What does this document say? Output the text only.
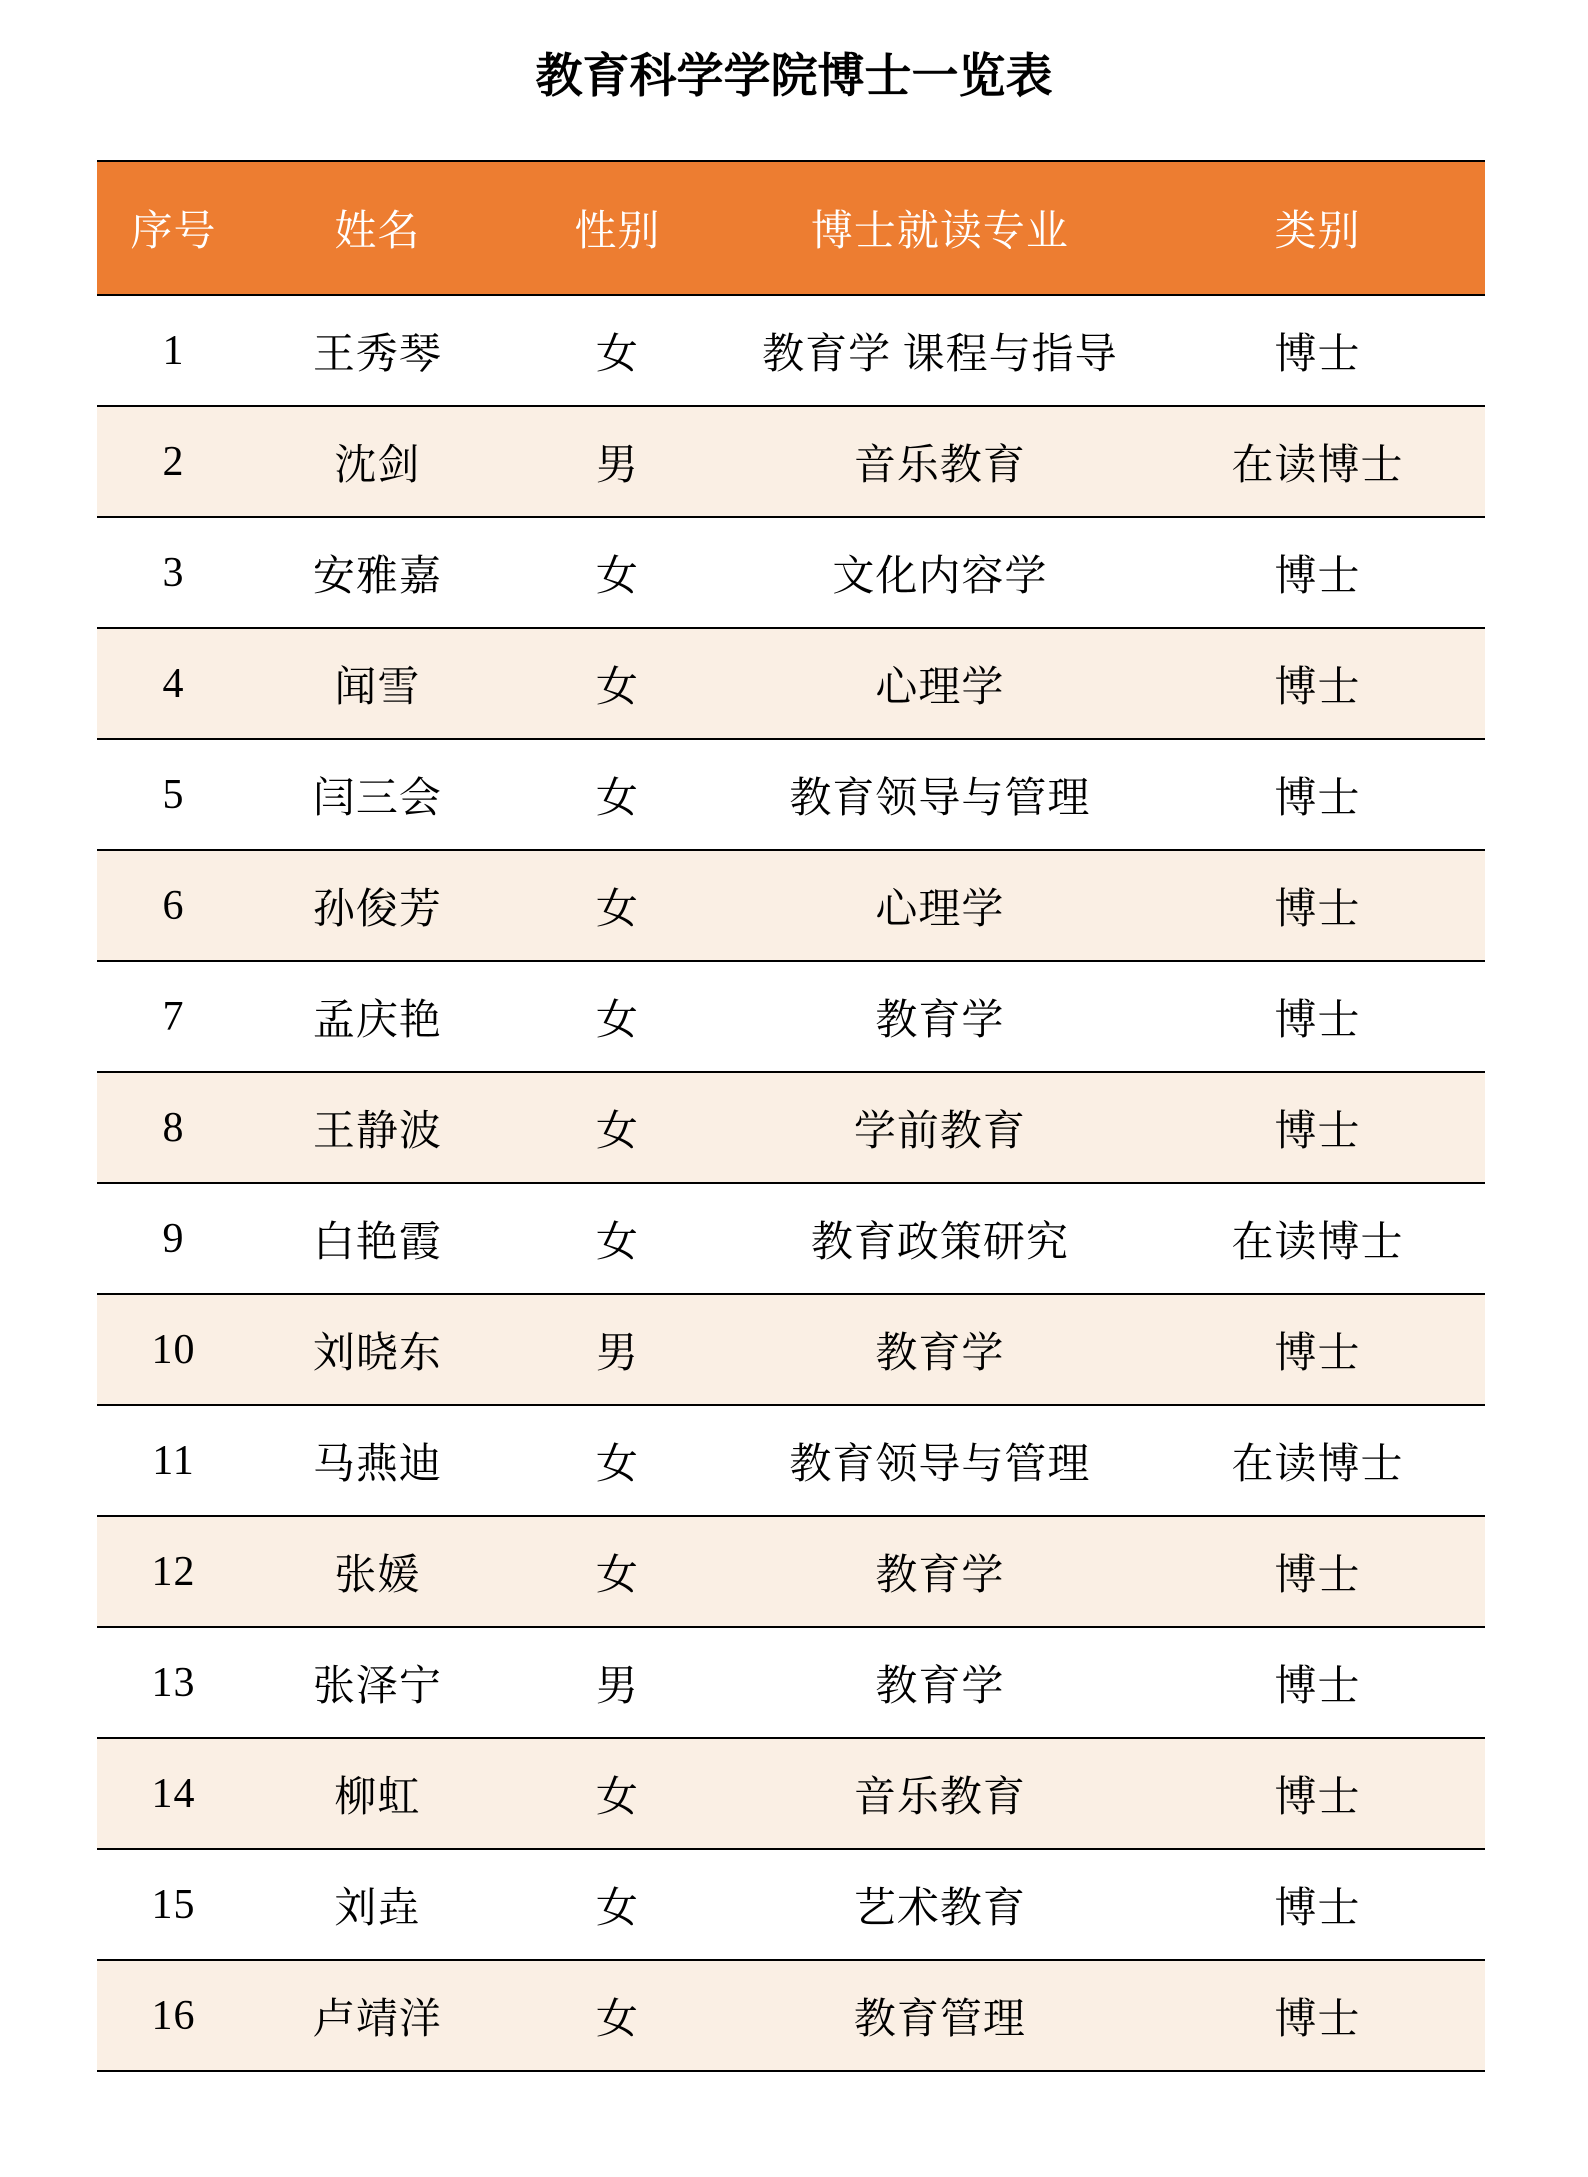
教育科学学院博士一览表
序号	姓名	性别	博士就读专业	类别
1	王秀琴	女	教育学 课程与指导	博士
2	沈剑	男	音乐教育	在读博士
3	安雅嘉	女	文化内容学	博士
4	闻雪	女	心理学	博士
5	闫三会	女	教育领导与管理	博士
6	孙俊芳	女	心理学	博士
7	孟庆艳	女	教育学	博士
8	王静波	女	学前教育	博士
9	白艳霞	女	教育政策研究	在读博士
10	刘晓东	男	教育学	博士
11	马燕迪	女	教育领导与管理	在读博士
12	张媛	女	教育学	博士
13	张泽宁	男	教育学	博士
14	柳虹	女	音乐教育	博士
15	刘垚	女	艺术教育	博士
16	卢靖洋	女	教育管理	博士
